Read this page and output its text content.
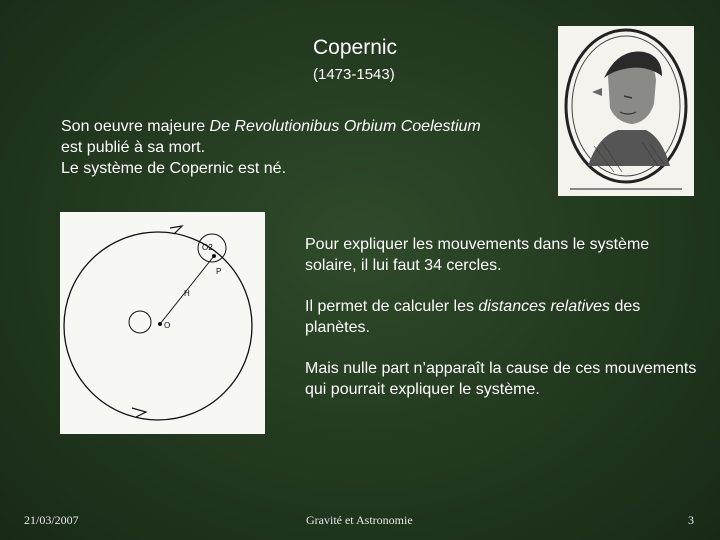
Copernic
(1473-1543)
Son oeuvre majeure De Revolutionibus Orbium Coelestium
est publié à sa mort.
Le système de Copernic est né.
O2
P
H
O

Pour expliquer les mouvements dans le système solaire, il lui faut 34 cercles.

Il permet de calculer les distances relatives des planètes.

Mais nulle part n’apparaît la cause de ces mouvements qui pourrait expliquer le système.

21/03/2007	Gravité et Astronomie	3
